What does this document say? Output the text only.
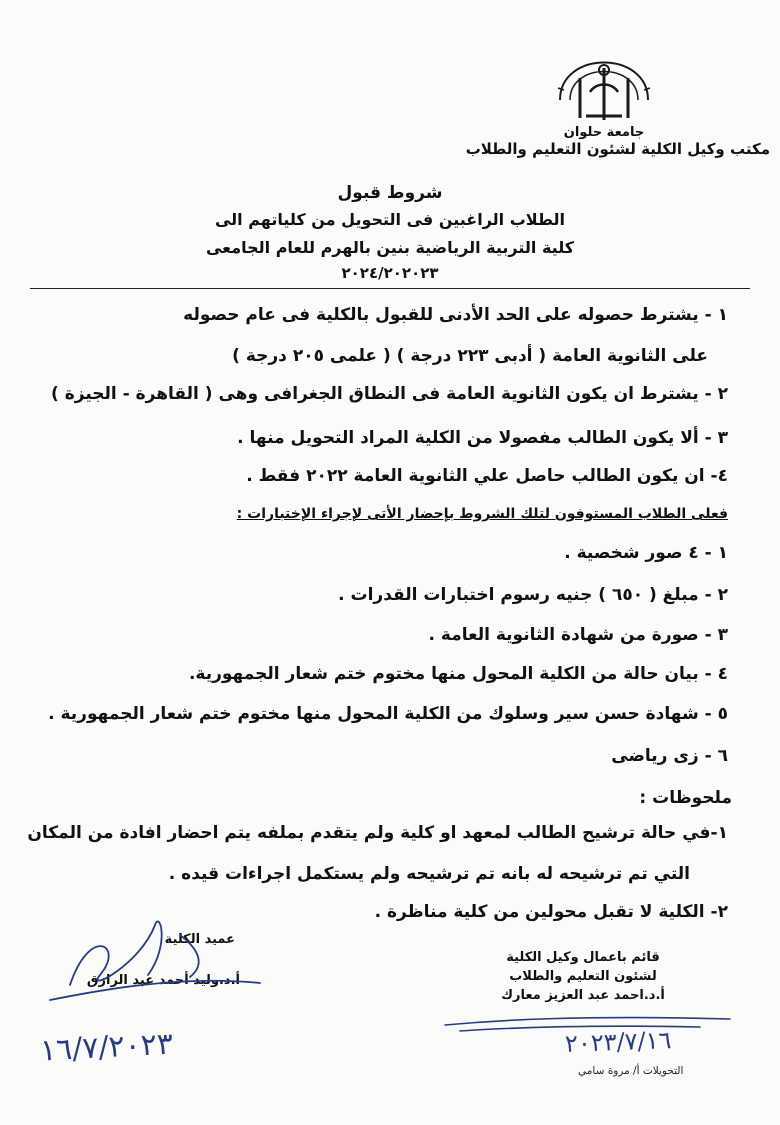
جامعة حلوان
مكتب وكيل الكلية لشئون التعليم والطلاب
شروط قبول
الطلاب الراغبين فى التحويل من كلياتهم الى
كلية التربية الرياضية بنين بالهرم للعام الجامعى
٢٠٢٤/٢٠٢٠٢٣
١ - يشترط حصوله على الحد الأدنى للقبول بالكلية فى عام حصوله
على الثانوية العامة ( أدبى ٢٢٣ درجة ) ( علمى ٢٠٥ درجة )
٢ - يشترط ان يكون الثانوية العامة فى النطاق الجغرافى وهى ( القاهرة - الجيزة )
٣ - ألا يكون الطالب مفصولا من الكلية المراد التحويل منها .
٤- ان يكون الطالب حاصل علي الثانوية العامة ٢٠٢٢ فقط .
فعلى الطلاب المستوفون لتلك الشروط بإحضار الأتى لإجراء الإختبارات :
١ - ٤ صور شخصية .
٢ - مبلغ ( ٦٥٠ ) جنيه رسوم اختبارات القدرات .
٣ - صورة من شهادة الثانوية العامة .
٤ - بيان حالة من الكلية المحول منها مختوم ختم شعار الجمهورية.
٥ - شهادة حسن سير وسلوك من الكلية المحول منها مختوم ختم شعار الجمهورية .
٦ - زى رياضى
ملحوظات :
١-في حالة ترشيح الطالب لمعهد او كلية ولم يتقدم بملفه يتم احضار افادة من المكان
التي تم ترشيحه له بانه تم ترشيحه ولم يستكمل اجراءات قيده .
٢- الكلية لا تقبل محولين من كلية مناظرة .
قائم باعمال وكيل الكلية
لشئون التعليم والطلاب
أ.د.احمد عبد العزيز معارك
عميد الكلية
أ.د.وليد أحمد عبد الرازق
١٦/٧/٢٠٢٣	٢٠٢٣/٧/١٦
التحويلات أ/ مروة سامي
